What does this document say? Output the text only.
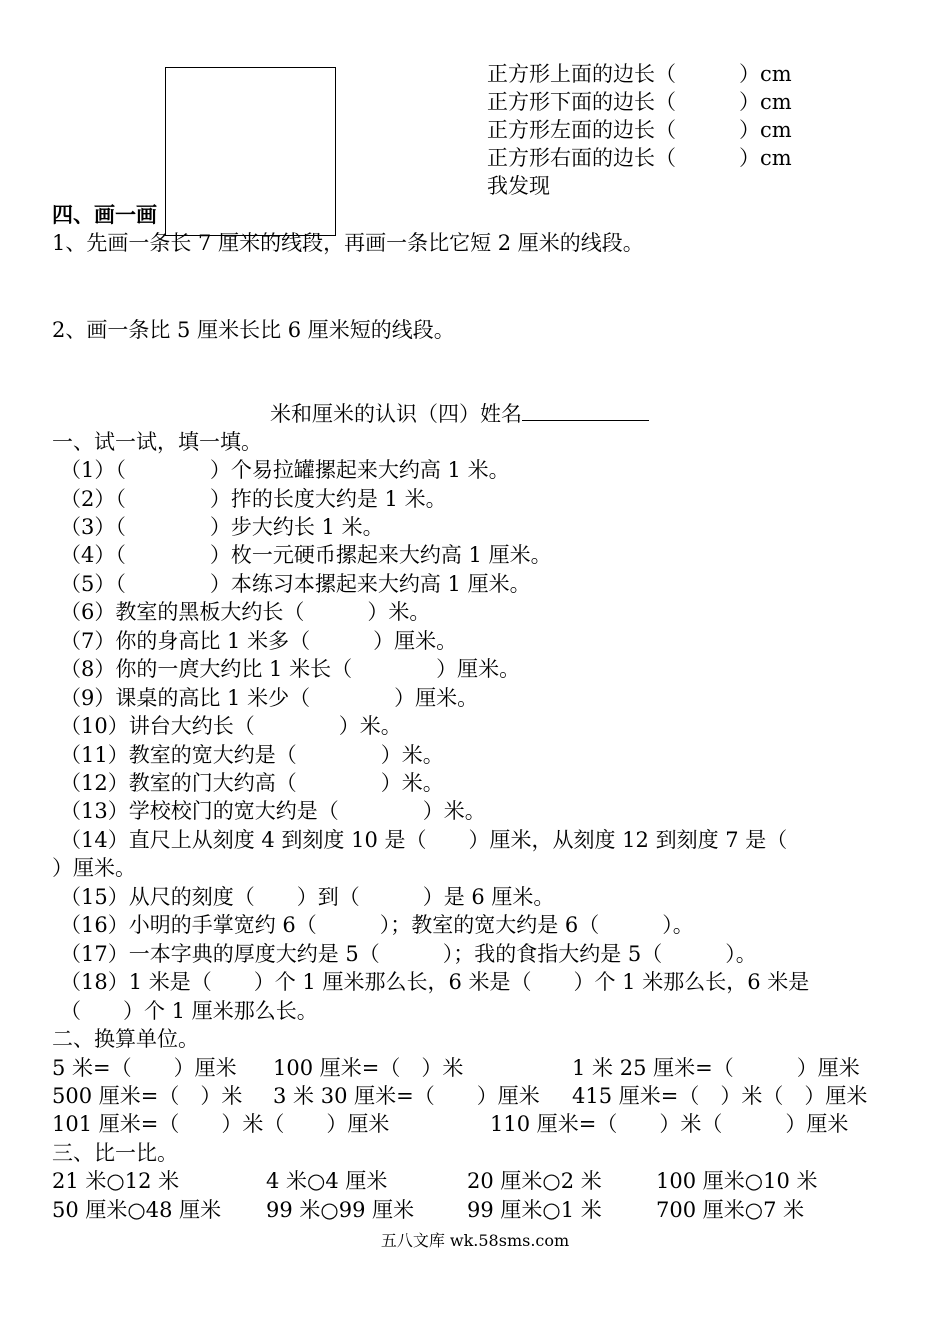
正方形上面的边长（　　　）cm
正方形下面的边长（　　　）cm
正方形左面的边长（　　　）cm
正方形右面的边长（　　　）cm
我发现
四、画一画
1、先画一条长 7 厘米的线段，再画一条比它短 2 厘米的线段。
2、画一条比 5 厘米长比 6 厘米短的线段。
米和厘米的认识（四）姓名
一、试一试，填一填。
（1）（　　　　）个易拉罐摞起来大约高 1 米。
（2）（　　　　）拃的长度大约是 1 米。
（3）（　　　　）步大约长 1 米。
（4）（　　　　）枚一元硬币摞起来大约高 1 厘米。
（5）（　　　　）本练习本摞起来大约高 1 厘米。
（6）教室的黑板大约长（　　　）米。
（7）你的身高比 1 米多（　　　）厘米。
（8）你的一庹大约比 1 米长（　　　　）厘米。
（9）课桌的高比 1 米少（　　　　）厘米。
（10）讲台大约长（　　　　）米。
（11）教室的宽大约是（　　　　）米。
（12）教室的门大约高（　　　　）米。
（13）学校校门的宽大约是（　　　　）米。
（14）直尺上从刻度 4 到刻度 10 是（　　）厘米，从刻度 12 到刻度 7 是（
）厘米。
（15）从尺的刻度（　　）到（　　　）是 6 厘米。
（16）小明的手掌宽约 6（　　　）；教室的宽大约是 6（　　　）。
（17）一本字典的厚度大约是 5（　　　）；我的食指大约是 5（　　　）。
（18）1 米是（　　）个 1 厘米那么长，6 米是（　　）个 1 米那么长，6 米是
（　　）个 1 厘米那么长。
二、换算单位。
5 米=（　　）厘米 100 厘米=（　）米	1 米 25 厘米=（　　　）厘米
500 厘米=（　）米 3 米 30 厘米=（　　）厘米 415 厘米=（　）米（　）厘米
101 厘米=（　　）米（　　）厘米	110 厘米=（　　）米（　　　）厘米
三、比一比。
21 米○12 米	4 米○4 厘米	20 厘米○2 米	100 厘米○10 米
50 厘米○48 厘米 99 米○99 厘米	99 厘米○1 米	700 厘米○7 米
五八文库 wk.58sms.com
